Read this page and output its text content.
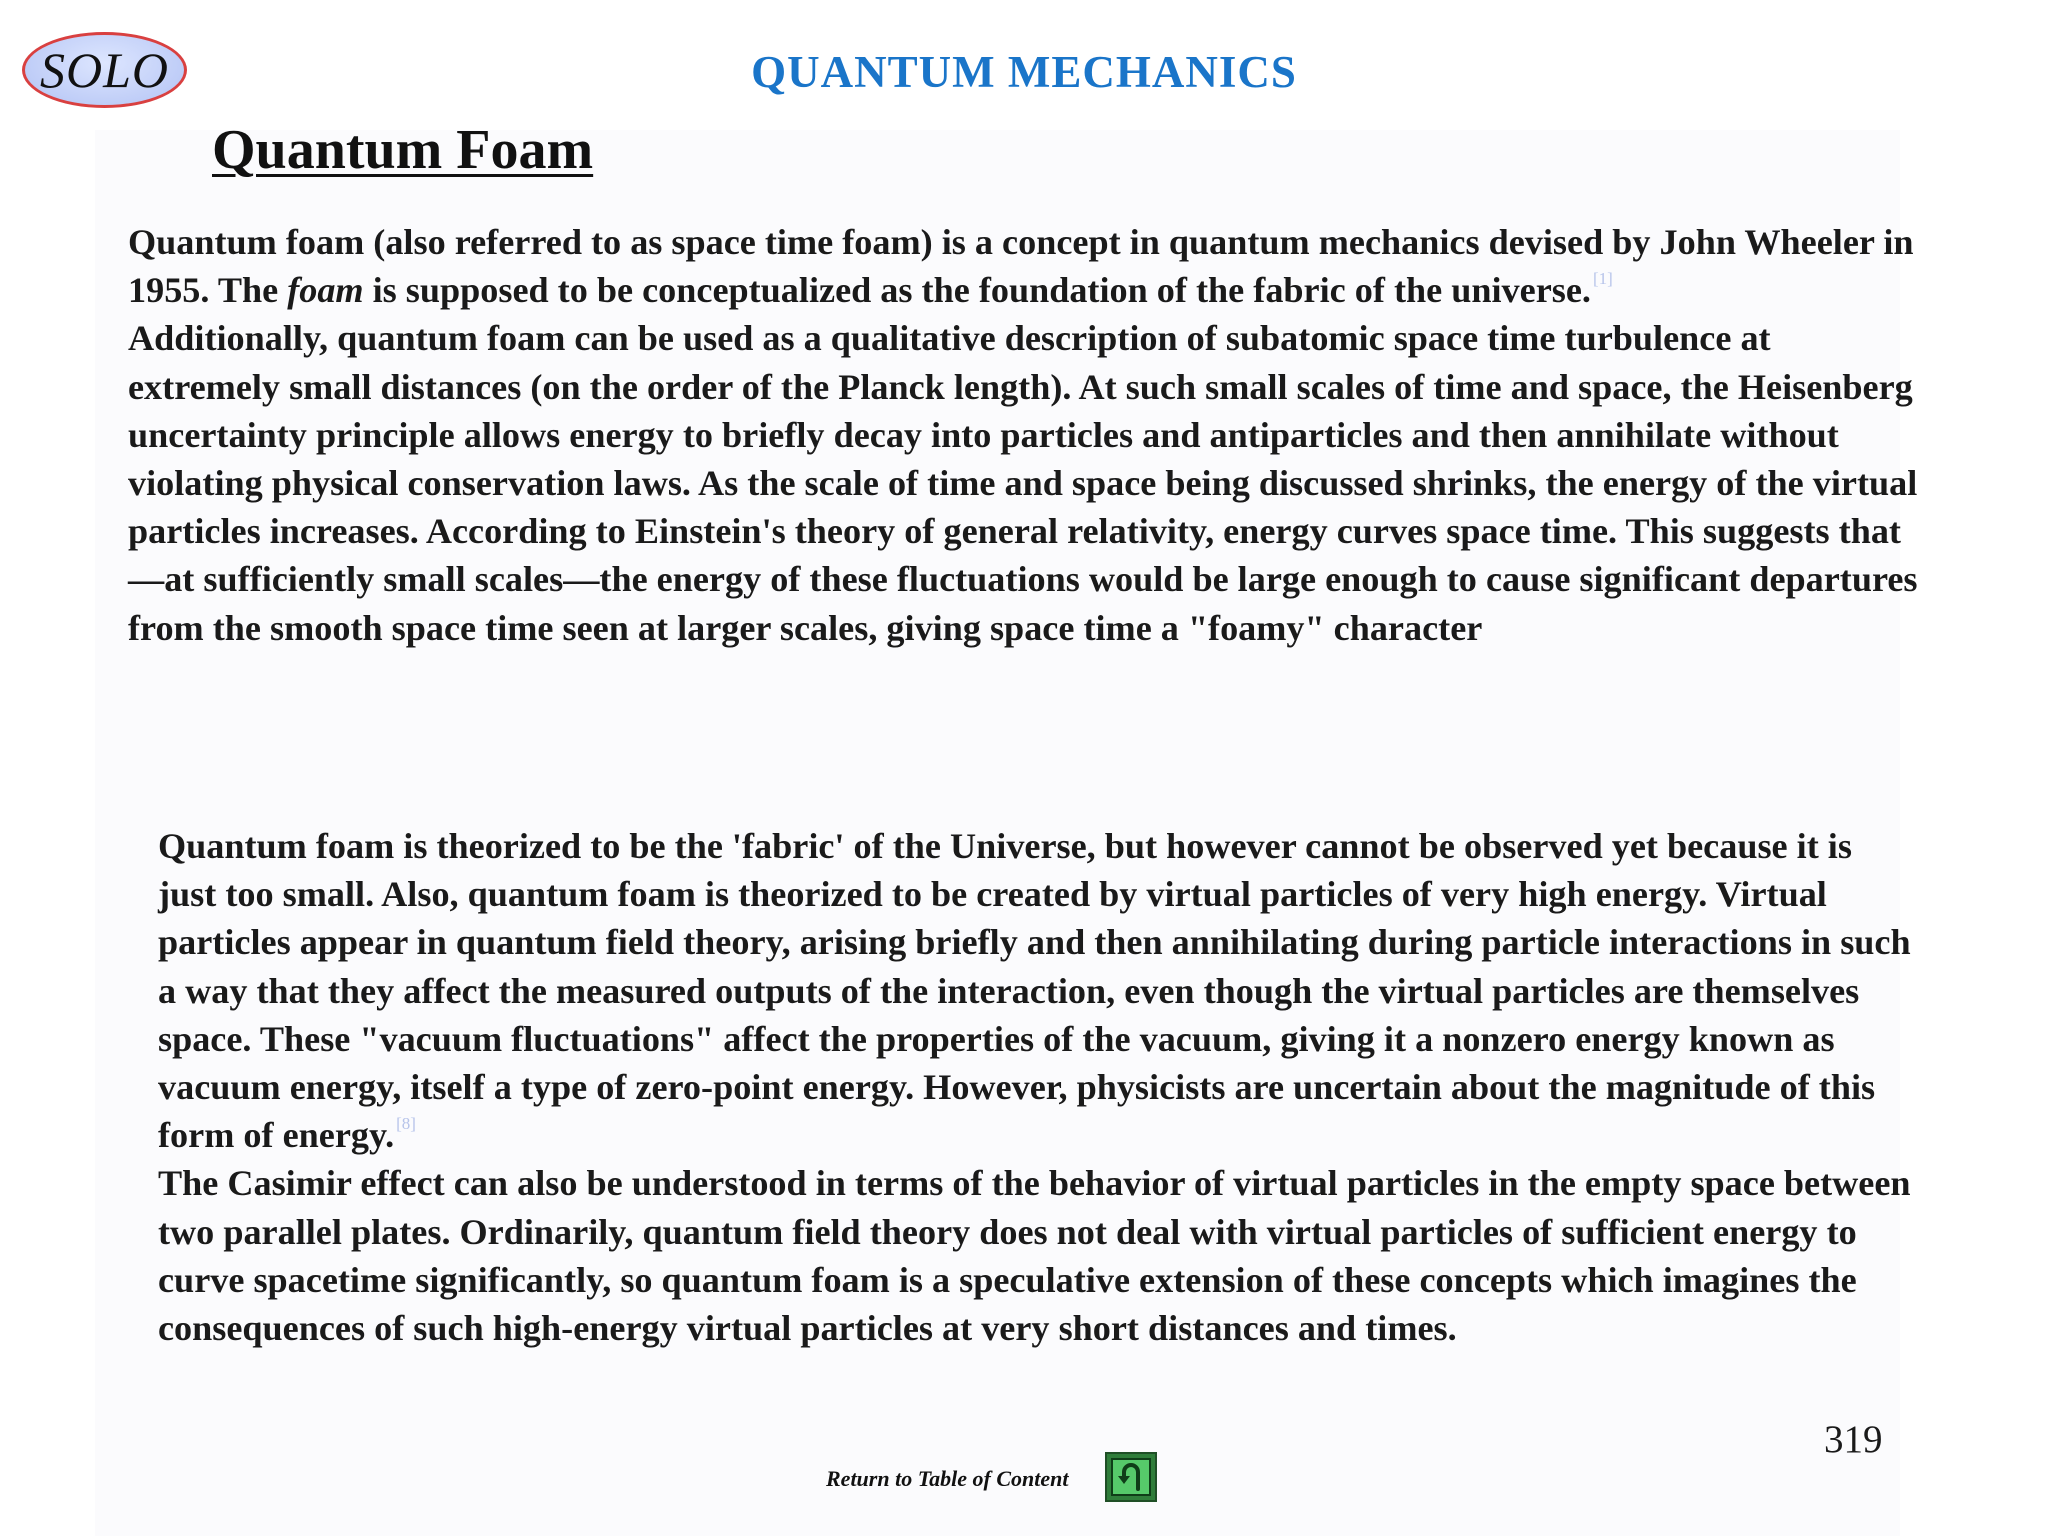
SOLO	QUANTUM MECHANICS
Quantum Foam

Quantum foam (also referred to as space time foam) is a concept in quantum mechanics devised by John Wheeler in 1955. The foam is supposed to be conceptualized as the foundation of the fabric of the universe. [1]

Additionally, quantum foam can be used as a qualitative description of subatomic space time turbulence at extremely small distances (on the order of the Planck length). At such small scales of time and space, the Heisenberg uncertainty principle allows energy to briefly decay into particles and antiparticles and then annihilate without violating physical conservation laws. As the scale of time and space being discussed shrinks, the energy of the virtual particles increases. According to Einstein's theory of general relativity, energy curves space time. This suggests that—at sufficiently small scales—the energy of these fluctuations would be large enough to cause significant departures from the smooth space time seen at larger scales, giving space time a "foamy" character

Quantum foam is theorized to be the 'fabric' of the Universe, but however cannot be observed yet because it is just too small. Also, quantum foam is theorized to be created by virtual particles of very high energy. Virtual particles appear in quantum field theory, arising briefly and then annihilating during particle interactions in such a way that they affect the measured outputs of the interaction, even though the virtual particles are themselves space. These "vacuum fluctuations" affect the properties of the vacuum, giving it a nonzero energy known as vacuum energy, itself a type of zero-point energy. However, physicists are uncertain about the magnitude of this form of energy. [8]

The Casimir effect can also be understood in terms of the behavior of virtual particles in the empty space between two parallel plates. Ordinarily, quantum field theory does not deal with virtual particles of sufficient energy to curve spacetime significantly, so quantum foam is a speculative extension of these concepts which imagines the consequences of such high-energy virtual particles at very short distances and times.

319
Return to Table of Content
